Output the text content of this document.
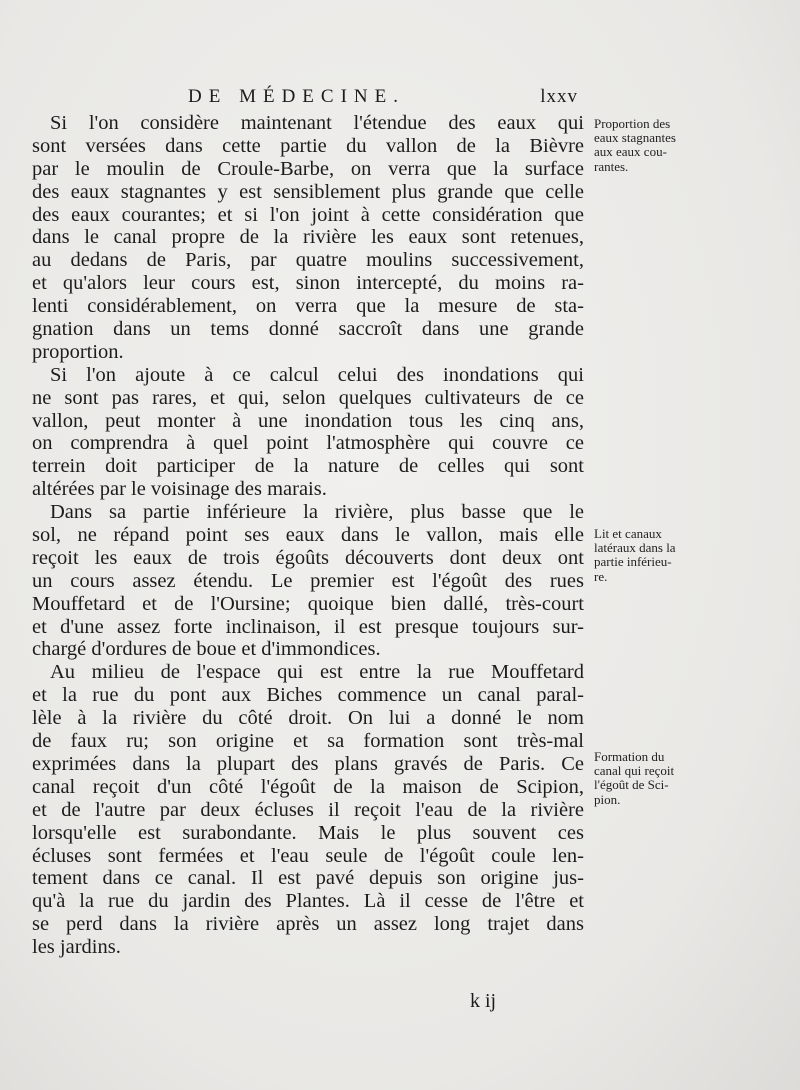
DE MÉDECINE.	lxxv
Si l'on considère maintenant l'étendue des eaux qui
sont versées dans cette partie du vallon de la Bièvre
par le moulin de Croule-Barbe, on verra que la surface
des eaux stagnantes y est sensiblement plus grande que celle
des eaux courantes; et si l'on joint à cette considération que
dans le canal propre de la rivière les eaux sont retenues,
au dedans de Paris, par quatre moulins successivement,
et qu'alors leur cours est, sinon intercepté, du moins ra-
lenti considérablement, on verra que la mesure de sta-
gnation dans un tems donné saccroît dans une grande
proportion.
Si l'on ajoute à ce calcul celui des inondations qui
ne sont pas rares, et qui, selon quelques cultivateurs de ce
vallon, peut monter à une inondation tous les cinq ans,
on comprendra à quel point l'atmosphère qui couvre ce
terrein doit participer de la nature de celles qui sont
altérées par le voisinage des marais.
Dans sa partie inférieure la rivière, plus basse que le
sol, ne répand point ses eaux dans le vallon, mais elle
reçoit les eaux de trois égoûts découverts dont deux ont
un cours assez étendu. Le premier est l'égoût des rues
Mouffetard et de l'Oursine; quoique bien dallé, très-court
et d'une assez forte inclinaison, il est presque toujours sur-
chargé d'ordures de boue et d'immondices.
Au milieu de l'espace qui est entre la rue Mouffetard
et la rue du pont aux Biches commence un canal paral-
lèle à la rivière du côté droit. On lui a donné le nom
de faux ru; son origine et sa formation sont très-mal
exprimées dans la plupart des plans gravés de Paris. Ce
canal reçoit d'un côté l'égoût de la maison de Scipion,
et de l'autre par deux écluses il reçoit l'eau de la rivière
lorsqu'elle est surabondante. Mais le plus souvent ces
écluses sont fermées et l'eau seule de l'égoût coule len-
tement dans ce canal. Il est pavé depuis son origine jus-
qu'à la rue du jardin des Plantes. Là il cesse de l'être et
se perd dans la rivière après un assez long trajet dans
les jardins.
k ij
Proportion des
eaux stagnantes
aux eaux cou-
rantes.
Lit et canaux
latéraux dans la
partie inférieu-
re.
Formation du
canal qui reçoit
l'égoût de Sci-
pion.
